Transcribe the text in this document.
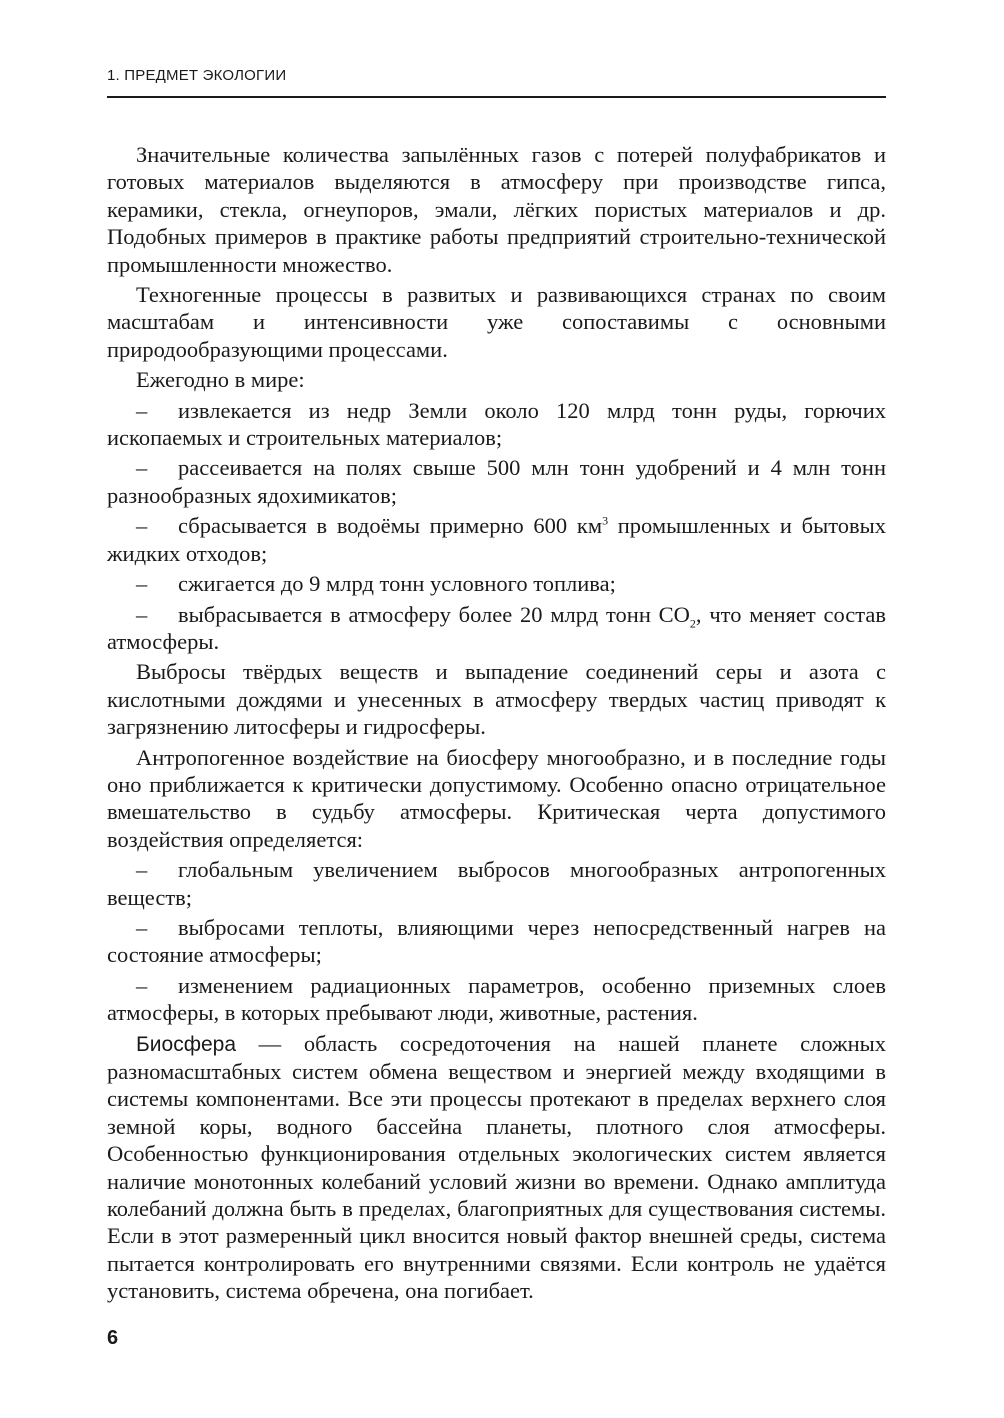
1. ПРЕДМЕТ ЭКОЛОГИИ

Значительные количества запылённых газов с потерей полуфабрикатов и готовых материалов выделяются в атмосферу при производстве гипса, керамики, стекла, огнеупоров, эмали, лёгких пористых материалов и др. Подобных примеров в практике работы предприятий строительно-технической промышленности множество.

Техногенные процессы в развитых и развивающихся странах по своим масштабам и интенсивности уже сопоставимы с основными природообразующими процессами.

Ежегодно в мире:

– извлекается из недр Земли около 120 млрд тонн руды, горючих ископаемых и строительных материалов;

– рассеивается на полях свыше 500 млн тонн удобрений и 4 млн тонн разнообразных ядохимикатов;

– сбрасывается в водоёмы примерно 600 $км^3$ промышленных и бытовых жидких отходов;

– сжигается до 9 млрд тонн условного топлива;

– выбрасывается в атмосферу более 20 млрд тонн $CO_2$, что меняет состав атмосферы.

Выбросы твёрдых веществ и выпадение соединений серы и азота с кислотными дождями и унесенных в атмосферу твердых частиц приводят к загрязнению литосферы и гидросферы.

Антропогенное воздействие на биосферу многообразно, и в последние годы оно приближается к критически допустимому. Особенно опасно отрицательное вмешательство в судьбу атмосферы. Критическая черта допустимого воздействия определяется:

– глобальным увеличением выбросов многообразных антропогенных веществ;

– выбросами теплоты, влияющими через непосредственный нагрев на состояние атмосферы;

– изменением радиационных параметров, особенно приземных слоев атмосферы, в которых пребывают люди, животные, растения.

Биосфера — область сосредоточения на нашей планете сложных разномасштабных систем обмена веществом и энергией между входящими в системы компонентами. Все эти процессы протекают в пределах верхнего слоя земной коры, водного бассейна планеты, плотного слоя атмосферы. Особенностью функционирования отдельных экологических систем является наличие монотонных колебаний условий жизни во времени. Однако амплитуда колебаний должна быть в пределах, благоприятных для существования системы. Если в этот размеренный цикл вносится новый фактор внешней среды, система пытается контролировать его внутренними связями. Если контроль не удаётся установить, система обречена, она погибает.

6
